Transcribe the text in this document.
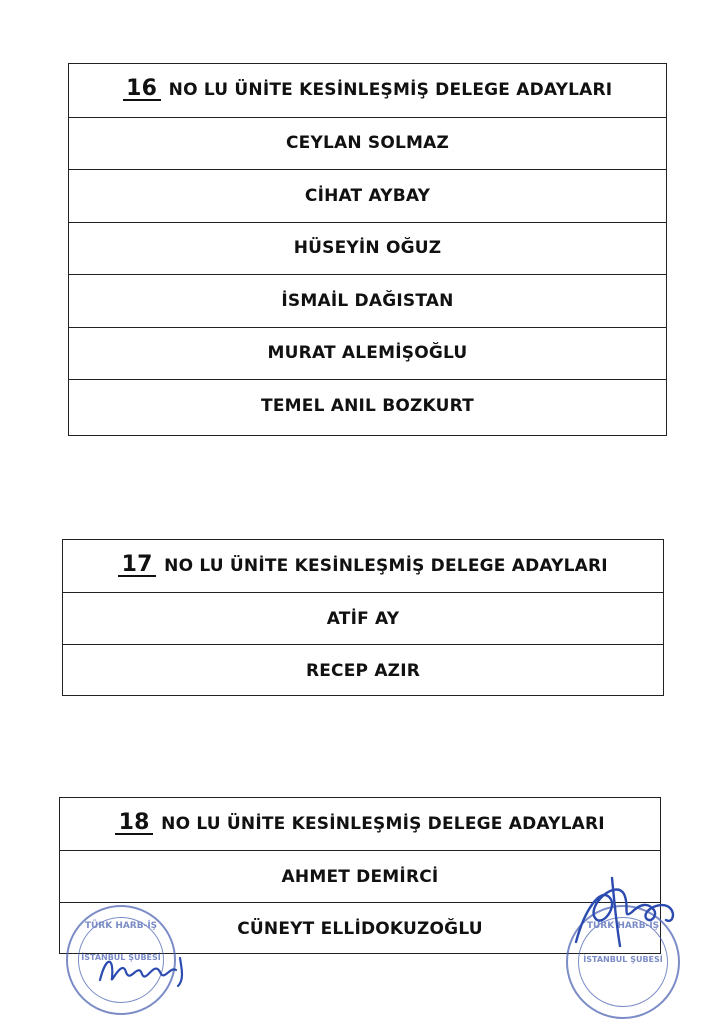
16 NO LU ÜNİTE KESİNLEŞMİŞ DELEGE ADAYLARI
CEYLAN SOLMAZ
CİHAT AYBAY
HÜSEYİN OĞUZ
İSMAİL DAĞISTAN
MURAT ALEMİŞOĞLU
TEMEL ANIL BOZKURT
17 NO LU ÜNİTE KESİNLEŞMİŞ DELEGE ADAYLARI
ATİF AY
RECEP AZIR
18 NO LU ÜNİTE KESİNLEŞMİŞ DELEGE ADAYLARI
AHMET DEMİRCİ
CÜNEYT ELLİDOKUZOĞLU
TÜRK HARB-İŞ
İSTANBUL ŞUBESİ
TÜRK HARB-İŞ
İSTANBUL ŞUBESİ
